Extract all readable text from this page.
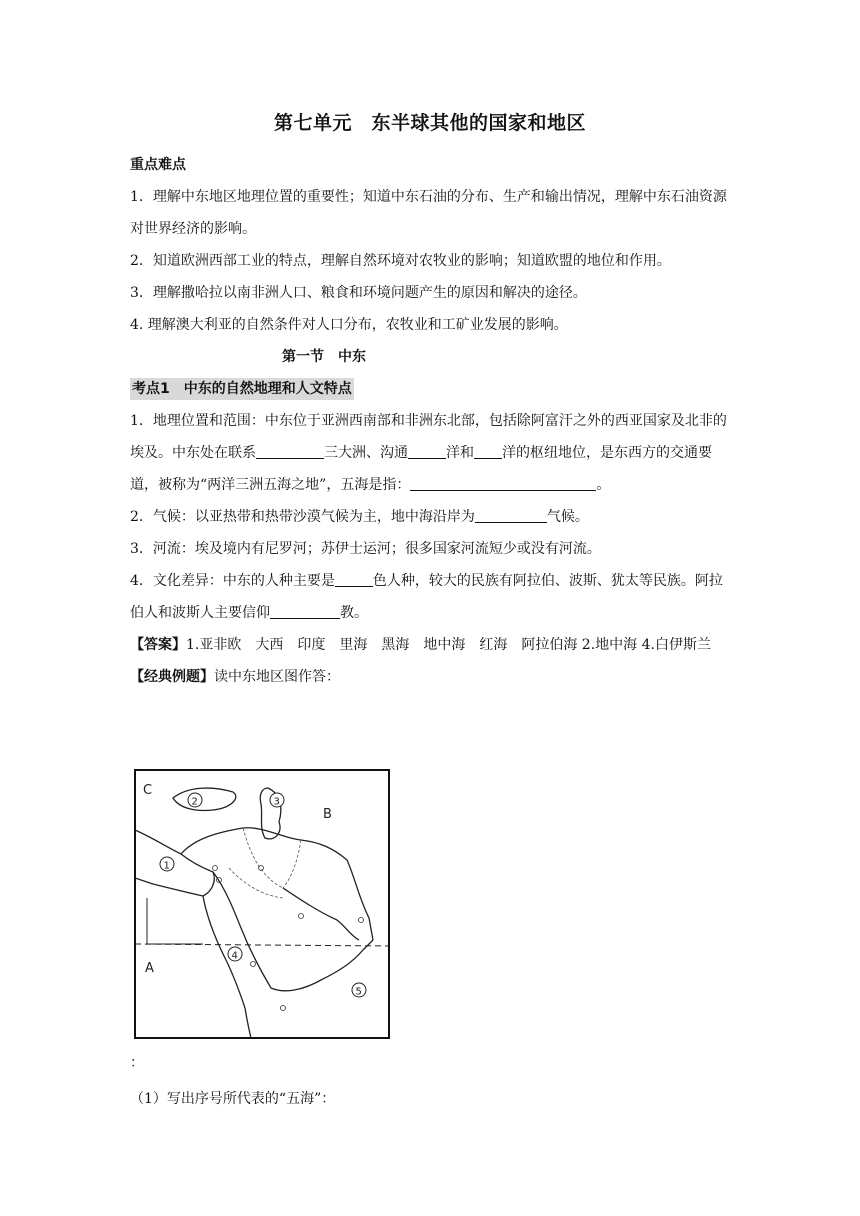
第七单元　东半球其他的国家和地区

重点难点

1．理解中东地区地理位置的重要性；知道中东石油的分布、生产和输出情况，理解中东石油资源对世界经济的影响。

2．知道欧洲西部工业的特点，理解自然环境对农牧业的影响；知道欧盟的地位和作用。

3．理解撒哈拉以南非洲人口、粮食和环境问题产生的原因和解决的途径。

4. 理解澳大利亚的自然条件对人口分布，农牧业和工矿业发展的影响。

第一节　中东

考点1　中东的自然地理和人文特点

1．地理位置和范围：中东位于亚洲西南部和非洲东北部，包括除阿富汗之外的西亚国家及北非的埃及。中东处在联系	三大洲、沟通	洋和 洋的枢纽地位，是东西方的交通要道，被称为“两洋三洲五海之地”，五海是指：	。

2．气候：以亚热带和热带沙漠气候为主，地中海沿岸为	气候。

3．河流：埃及境内有尼罗河；苏伊士运河；很多国家河流短少或没有河流。

4．文化差异：中东的人种主要是	色人种，较大的民族有阿拉伯、波斯、犹太等民族。阿拉伯人和波斯人主要信仰	教。

【答案】1.亚非欧　大西　印度　里海　黑海　地中海　红海　阿拉伯海 2.地中海 4.白伊斯兰

【经典例题】读中东地区图作答：

C
B
A
1
2	3
4
5
：
（1）写出序号所代表的“五海”：
